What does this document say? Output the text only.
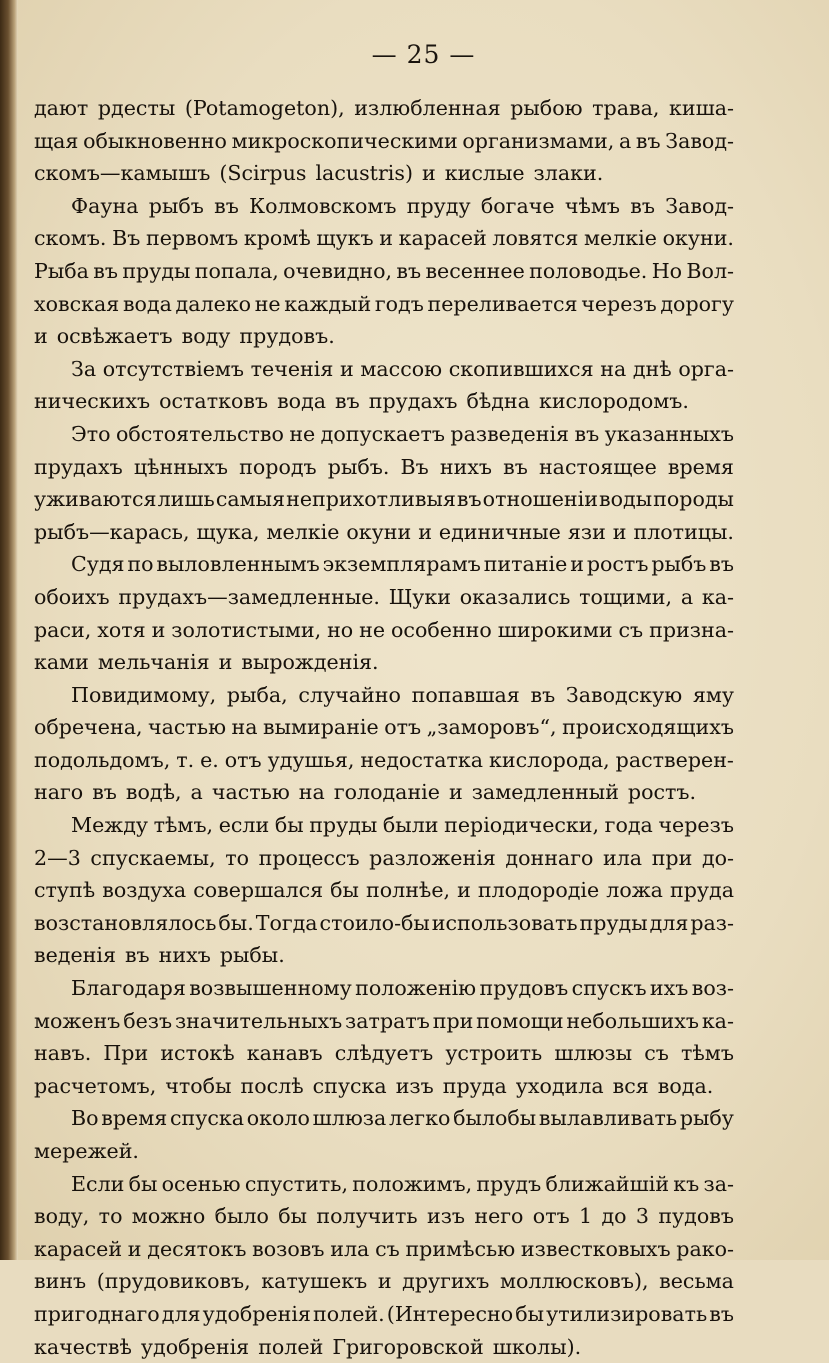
— 25 —
дают рдесты (Potamogeton), излюбленная рыбою трава, киша-
щая обыкновенно микроскопическими организмами, а въ Завод-
скомъ—камышъ (Scirpus lacustris) и кислые злаки.
Фауна рыбъ въ Колмовскомъ пруду богаче чѣмъ въ Завод-
скомъ. Въ первомъ кромѣ щукъ и карасей ловятся мелкiе окуни.
Рыба въ пруды попала, очевидно, въ весеннее половодье. Но Вол-
ховская вода далеко не каждый годъ переливается черезъ дорогу
и освѣжаетъ воду прудовъ.
За отсутствiемъ теченiя и массою скопившихся на днѣ орга-
ническихъ остатковъ вода въ прудахъ бѣдна кислородомъ.
Это обстоятельство не допускаетъ разведенiя въ указанныхъ
прудахъ цѣнныхъ породъ рыбъ. Въ нихъ въ настоящее время
уживаются лишь самыя неприхотливыя въ отношенiи воды породы
рыбъ—карась, щука, мелкiе окуни и единичные язи и плотицы.
Судя по выловленнымъ экземплярамъ питанiе и ростъ рыбъ въ
обоихъ прудахъ—замедленные. Щуки оказались тощими, а ка-
раси, хотя и золотистыми, но не особенно широкими съ призна-
ками мельчанiя и вырожденiя.
Повидимому, рыба, случайно попавшая въ Заводскую яму
обречена, частью на вымиранiе отъ „заморовъ“, происходящихъ
подольдомъ, т. е. отъ удушья, недостатка кислорода, растверен-
наго въ водѣ, а частью на голоданiе и замедленный ростъ.
Между тѣмъ, если бы пруды были перiодически, года черезъ
2—3 спускаемы, то процессъ разложенiя доннаго ила при до-
ступѣ воздуха совершался бы полнѣе, и плодородiе ложа пруда
возстановлялось бы. Тогда стоило-бы использовать пруды для раз-
веденiя въ нихъ рыбы.
Благодаря возвышенному положенiю прудовъ спускъ ихъ воз-
моженъ безъ значительныхъ затратъ при помощи небольшихъ ка-
навъ. При истокѣ канавъ слѣдуетъ устроить шлюзы съ тѣмъ
расчетомъ, чтобы послѣ спуска изъ пруда уходила вся вода.
Во время спуска около шлюза легко былобы вылавливать рыбу
мережей.
Если бы осенью спустить, положимъ, прудъ ближайшiй къ за-
воду, то можно было бы получить изъ него отъ 1 до 3 пудовъ
карасей и десятокъ возовъ ила съ примѣсью известковыхъ рако-
винъ (прудовиковъ, катушекъ и другихъ моллюсковъ), весьма
пригоднаго для удобренiя полей. (Интересно бы утилизировать въ
качествѣ удобренiя полей Григоровской школы).
